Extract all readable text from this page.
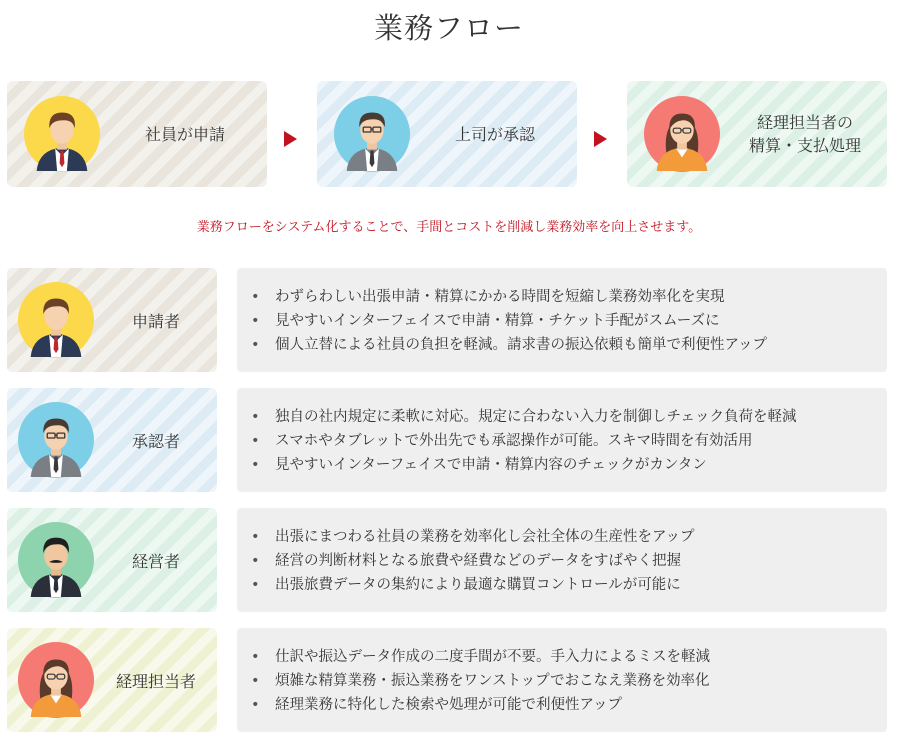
業務フロー
社員が申請	上司が承認
経理担当者の
精算・支払処理
業務フローをシステム化することで、手間とコストを削減し業務効率を向上させます。
申請者
• わずらわしい出張申請・精算にかかる時間を短縮し業務効率化を実現
• 見やすいインターフェイスで申請・精算・チケット手配がスムーズに
• 個人立替による社員の負担を軽減。請求書の振込依頼も簡単で利便性アップ
承認者
• 独自の社内規定に柔軟に対応。規定に合わない入力を制御しチェック負荷を軽減
• スマホやタブレットで外出先でも承認操作が可能。スキマ時間を有効活用
• 見やすいインターフェイスで申請・精算内容のチェックがカンタン
経営者
• 出張にまつわる社員の業務を効率化し会社全体の生産性をアップ
• 経営の判断材料となる旅費や経費などのデータをすばやく把握
• 出張旅費データの集約により最適な購買コントロールが可能に
経理担当者
• 仕訳や振込データ作成の二度手間が不要。手入力によるミスを軽減
• 煩雑な精算業務・振込業務をワンストップでおこなえ業務を効率化
• 経理業務に特化した検索や処理が可能で利便性アップ
